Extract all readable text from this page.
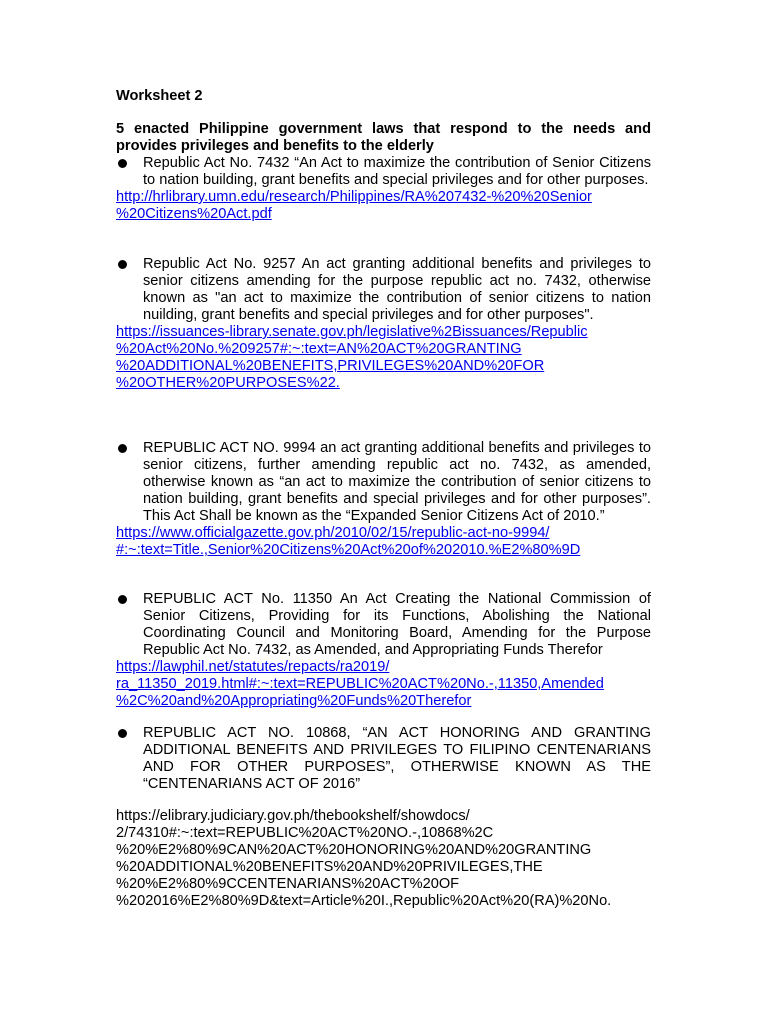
Worksheet 2
5 enacted Philippine government laws that respond to the needs and provides privileges and benefits to the elderly
Republic Act No. 7432 “An Act to maximize the contribution of Senior Citizens to nation building, grant benefits and special privileges and for other purposes.
http://hrlibrary.umn.edu/research/Philippines/RA%207432-%20%20Senior
%20Citizens%20Act.pdf
Republic Act No. 9257 An act granting additional benefits and privileges to senior citizens amending for the purpose republic act no. 7432, otherwise known as "an act to maximize the contribution of senior citizens to nation nuilding, grant benefits and special privileges and for other purposes".
https://issuances-library.senate.gov.ph/legislative%2Bissuances/Republic
%20Act%20No.%209257#:~:text=AN%20ACT%20GRANTING
%20ADDITIONAL%20BENEFITS,PRIVILEGES%20AND%20FOR
%20OTHER%20PURPOSES%22.
REPUBLIC ACT NO. 9994 an act granting additional benefits and privileges to senior citizens, further amending republic act no. 7432, as amended, otherwise known as “an act to maximize the contribution of senior citizens to nation building, grant benefits and special privileges and for other purposes”. This Act Shall be known as the “Expanded Senior Citizens Act of 2010.”
https://www.officialgazette.gov.ph/2010/02/15/republic-act-no-9994/
#:~:text=Title.,Senior%20Citizens%20Act%20of%202010.%E2%80%9D
REPUBLIC ACT No. 11350 An Act Creating the National Commission of Senior Citizens, Providing for its Functions, Abolishing the National Coordinating Council and Monitoring Board, Amending for the Purpose Republic Act No. 7432, as Amended, and Appropriating Funds Therefor
https://lawphil.net/statutes/repacts/ra2019/
ra_11350_2019.html#:~:text=REPUBLIC%20ACT%20No.-,11350,Amended
%2C%20and%20Appropriating%20Funds%20Therefor
REPUBLIC ACT NO. 10868, “AN ACT HONORING AND GRANTING ADDITIONAL BENEFITS AND PRIVILEGES TO FILIPINO CENTENARIANS AND FOR OTHER PURPOSES”, OTHERWISE KNOWN AS THE “CENTENARIANS ACT OF 2016”
https://elibrary.judiciary.gov.ph/thebookshelf/showdocs/
2/74310#:~:text=REPUBLIC%20ACT%20NO.-,10868%2C
%20%E2%80%9CAN%20ACT%20HONORING%20AND%20GRANTING
%20ADDITIONAL%20BENEFITS%20AND%20PRIVILEGES,THE
%20%E2%80%9CCENTENARIANS%20ACT%20OF
%202016%E2%80%9D&text=Article%20I.,Republic%20Act%20(RA)%20No.
